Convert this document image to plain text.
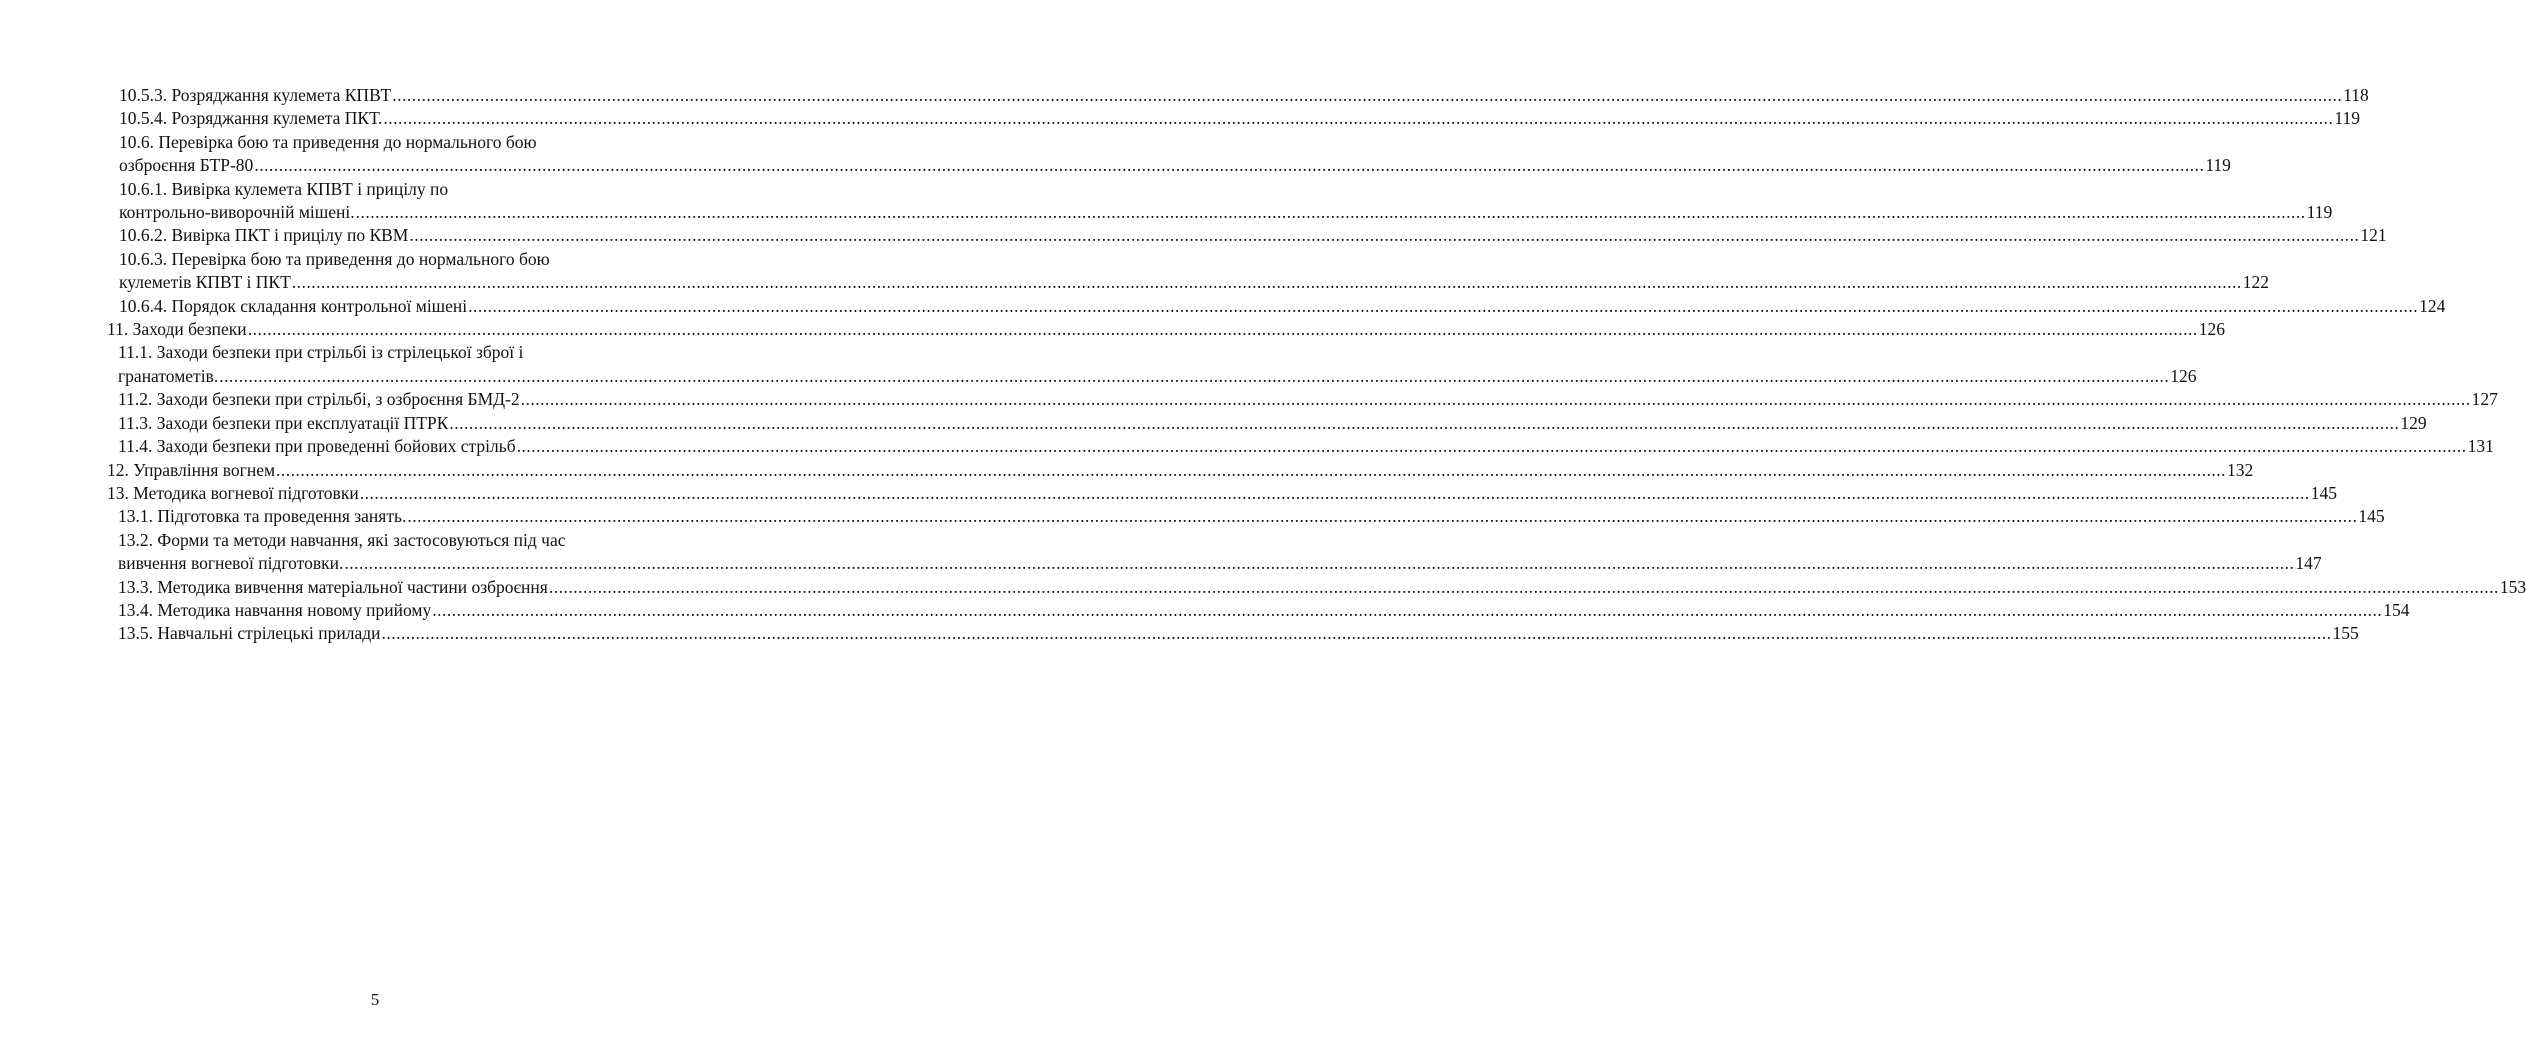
10.5.3. Розряджання кулемета КПВТ ................................................................................................................................................................................................................................................................................................................................................................................................................ 118
10.5.4. Розряджання кулемета ПКТ. ................................................................................................................................................................................................................................................................................................................................................................................................................ 119
10.6. Перевірка бою та приведення до нормального бою
озброєння БТР-80 ................................................................................................................................................................................................................................................................................................................................................................................................................ 119
10.6.1. Вивірка кулемета КПВТ і прицілу по
контрольно-виворочній мішені. ................................................................................................................................................................................................................................................................................................................................................................................................................ 119
10.6.2. Вивірка ПКТ і прицілу по КВМ ................................................................................................................................................................................................................................................................................................................................................................................................................ 121
10.6.3. Перевірка бою та приведення до нормального бою
кулеметів КПВТ і ПКТ ................................................................................................................................................................................................................................................................................................................................................................................................................ 122
10.6.4. Порядок складання контрольної мішені ................................................................................................................................................................................................................................................................................................................................................................................................................ 124
11. Заходи безпеки ................................................................................................................................................................................................................................................................................................................................................................................................................ 126
11.1. Заходи безпеки при стрільбі із стрілецької зброї і
гранатометів. ................................................................................................................................................................................................................................................................................................................................................................................................................ 126
11.2. Заходи безпеки при стрільбі, з озброєння БМД-2 ................................................................................................................................................................................................................................................................................................................................................................................................................ 127
11.3. Заходи безпеки при експлуатації ПТРК ................................................................................................................................................................................................................................................................................................................................................................................................................ 129
11.4. Заходи безпеки при проведенні бойових стрільб ................................................................................................................................................................................................................................................................................................................................................................................................................ 131
12. Управління вогнем ................................................................................................................................................................................................................................................................................................................................................................................................................ 132
13. Методика вогневої підготовки ................................................................................................................................................................................................................................................................................................................................................................................................................ 145
13.1. Підготовка та проведення занять. ................................................................................................................................................................................................................................................................................................................................................................................................................ 145
13.2. Форми та методи навчання, які застосовуються під час
вивчення вогневої підготовки. ................................................................................................................................................................................................................................................................................................................................................................................................................ 147
13.3. Методика вивчення матеріальної частини озброєння ................................................................................................................................................................................................................................................................................................................................................................................................................ 153
13.4. Методика навчання новому прийому ................................................................................................................................................................................................................................................................................................................................................................................................................ 154
13.5. Навчальні стрілецькі прилади ................................................................................................................................................................................................................................................................................................................................................................................................................ 155
5
